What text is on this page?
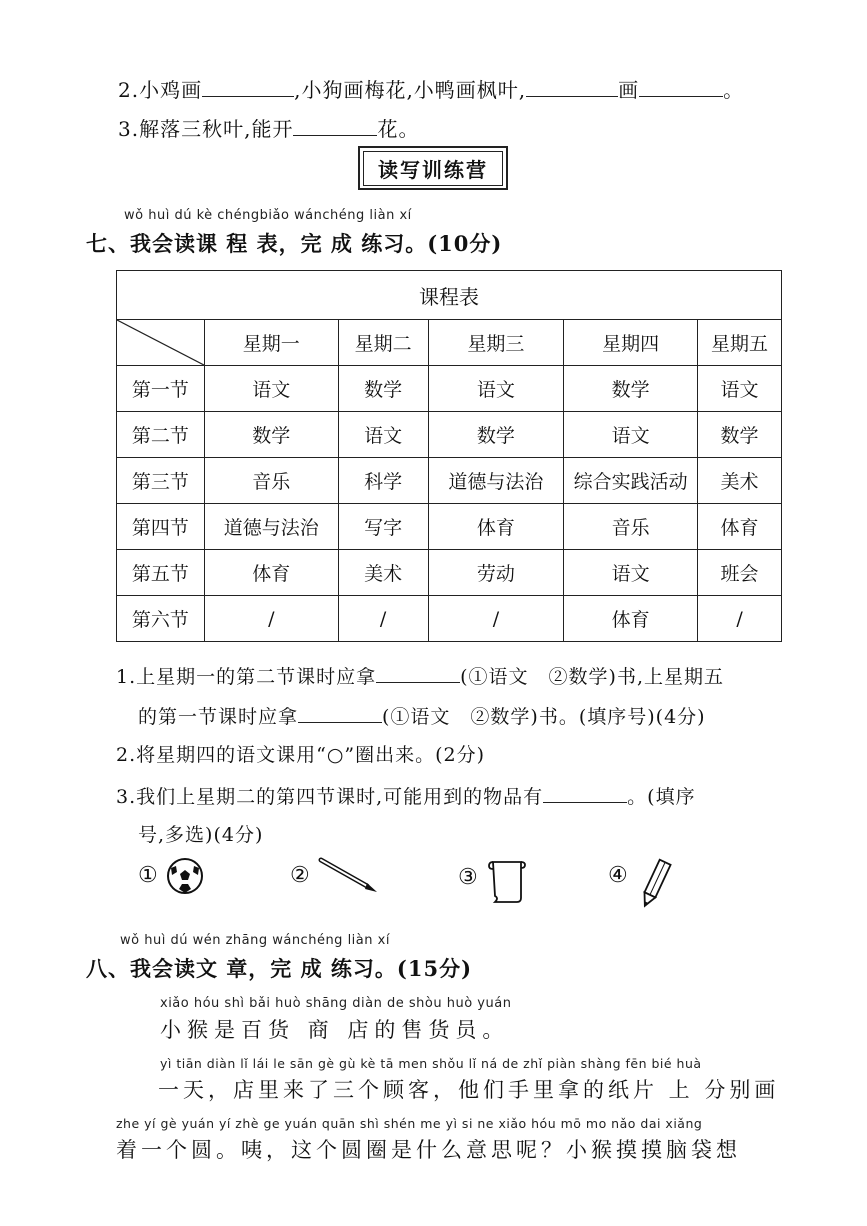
2.小鸡画	,小狗画梅花,小鸭画枫叶,	画	。
3.解落三秋叶,能开	花。
读写训练营
wǒ huì dú kè chéngbiǎo wánchéng liàn xí
七、我会读课 程 表，完 成 练习。(10分)
课程表					

	星期一	星期二	星期三	星期四	星期五
第一节	语文	数学	语文	数学	语文
第二节	数学	语文	数学	语文	数学
第三节	音乐	科学	道德与法治	综合实践活动	美术
第四节	道德与法治	写字	体育	音乐	体育
第五节	体育	美术	劳动	语文	班会
第六节	/	/	/	体育	/
1.上星期一的第二节课时应拿	(①语文　②数学)书,上星期五
的第一节课时应拿	(①语文　②数学)书。(填序号)(4分)
2.将星期四的语文课用“○”圈出来。(2分)
3.我们上星期二的第四节课时,可能用到的物品有	。(填序
号,多选)(4分)
①	②	③	④
wǒ huì dú wén zhāng wánchéng liàn xí
八、我会读文 章，完 成 练习。(15分)
xiǎo hóu shì bǎi huò shāng diàn de shòu huò yuán
小猴是百货 商 店的售货员。
yì tiān diàn lǐ lái le sān gè gù kè tā men shǒu lǐ ná de zhǐ piàn shàng fēn bié huà
一天，店里来了三个顾客，他们手里拿的纸片 上 分别画
zhe yí gè yuán yí zhè ge yuán quān shì shén me yì si ne xiǎo hóu mō mo nǎo dai xiǎng
着一个圆。咦，这个圆圈是什么意思呢？小猴摸摸脑袋想
